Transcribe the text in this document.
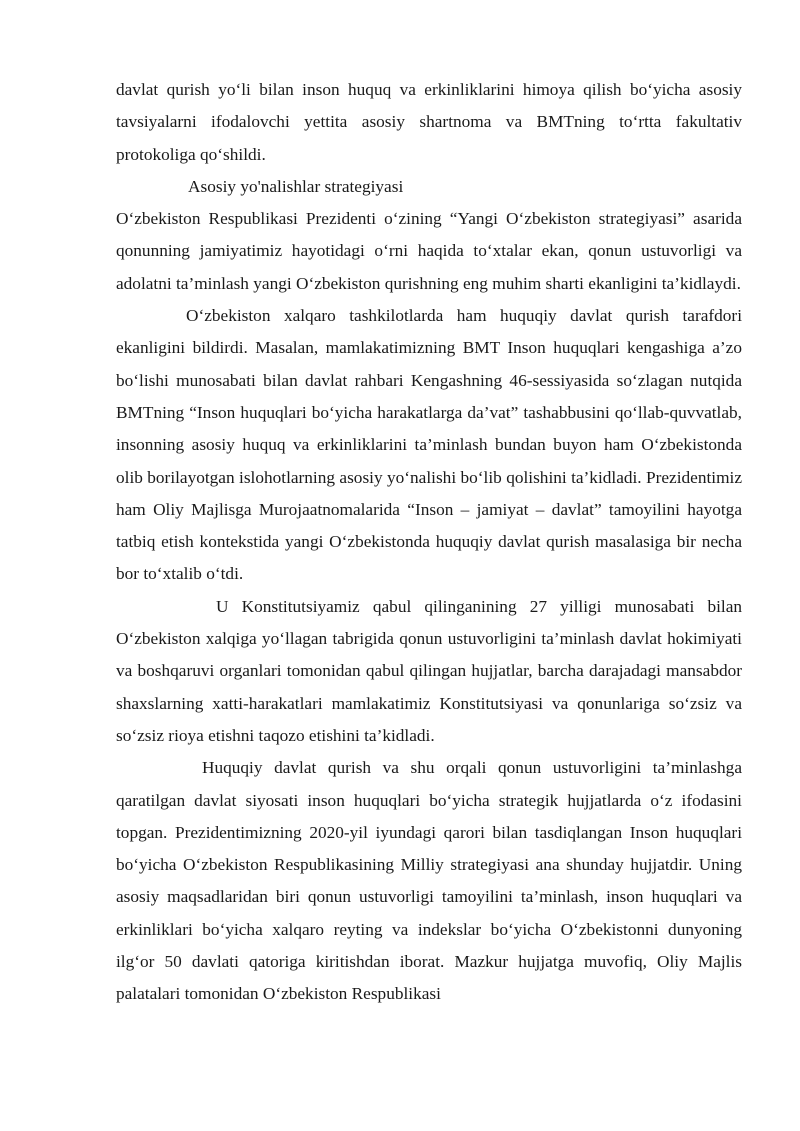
davlat qurish yo‘li bilan inson huquq va erkinliklarini himoya qilish bo‘yicha asosiy tavsiyalarni ifodalovchi yettita asosiy shartnoma va BMTning to‘rtta fakultativ protokoliga qo‘shildi.

Asosiy yo'nalishlar strategiyasi

O‘zbekiston Respublikasi Prezidenti o‘zining “Yangi O‘zbekiston strategiyasi” asarida qonunning jamiyatimiz hayotidagi o‘rni haqida to‘xtalar ekan, qonun ustuvorligi va adolatni ta’minlash yangi O‘zbekiston qurishning eng muhim sharti ekanligini ta’kidlaydi.

O‘zbekiston xalqaro tashkilotlarda ham huquqiy davlat qurish tarafdori ekanligini bildirdi. Masalan, mamlakatimizning BMT Inson huquqlari kengashiga a’zo bo‘lishi munosabati bilan davlat rahbari Kengashning 46-sessiyasida so‘zlagan nutqida BMTning “Inson huquqlari bo‘yicha harakatlarga da’vat” tashabbusini qo‘llab-quvvatlab, insonning asosiy huquq va erkinliklarini ta’minlash bundan buyon ham O‘zbekistonda olib borilayotgan islohotlarning asosiy yo‘nalishi bo‘lib qolishini ta’kidladi. Prezidentimiz ham Oliy Majlisga Murojaatnomalarida “Inson – jamiyat – davlat” tamoyilini hayotga tatbiq etish kontekstida yangi O‘zbekistonda huquqiy davlat qurish masalasiga bir necha bor to‘xtalib o‘tdi.

U Konstitutsiyamiz qabul qilinganining 27 yilligi munosabati bilan O‘zbekiston xalqiga yo‘llagan tabrigida qonun ustuvorligini ta’minlash davlat hokimiyati va boshqaruvi organlari tomonidan qabul qilingan hujjatlar, barcha darajadagi mansabdor shaxslarning xatti-harakatlari mamlakatimiz Konstitutsiyasi va qonunlariga so‘zsiz va so‘zsiz rioya etishni taqozo etishini ta’kidladi.

Huquqiy davlat qurish va shu orqali qonun ustuvorligini ta’minlashga qaratilgan davlat siyosati inson huquqlari bo‘yicha strategik hujjatlarda o‘z ifodasini topgan. Prezidentimizning 2020-yil iyundagi qarori bilan tasdiqlangan Inson huquqlari bo‘yicha O‘zbekiston Respublikasining Milliy strategiyasi ana shunday hujjatdir. Uning asosiy maqsadlaridan biri qonun ustuvorligi tamoyilini ta’minlash, inson huquqlari va erkinliklari bo‘yicha xalqaro reyting va indekslar bo‘yicha O‘zbekistonni dunyoning ilg‘or 50 davlati qatoriga kiritishdan iborat. Mazkur hujjatga muvofiq, Oliy Majlis palatalari tomonidan O‘zbekiston Respublikasi
